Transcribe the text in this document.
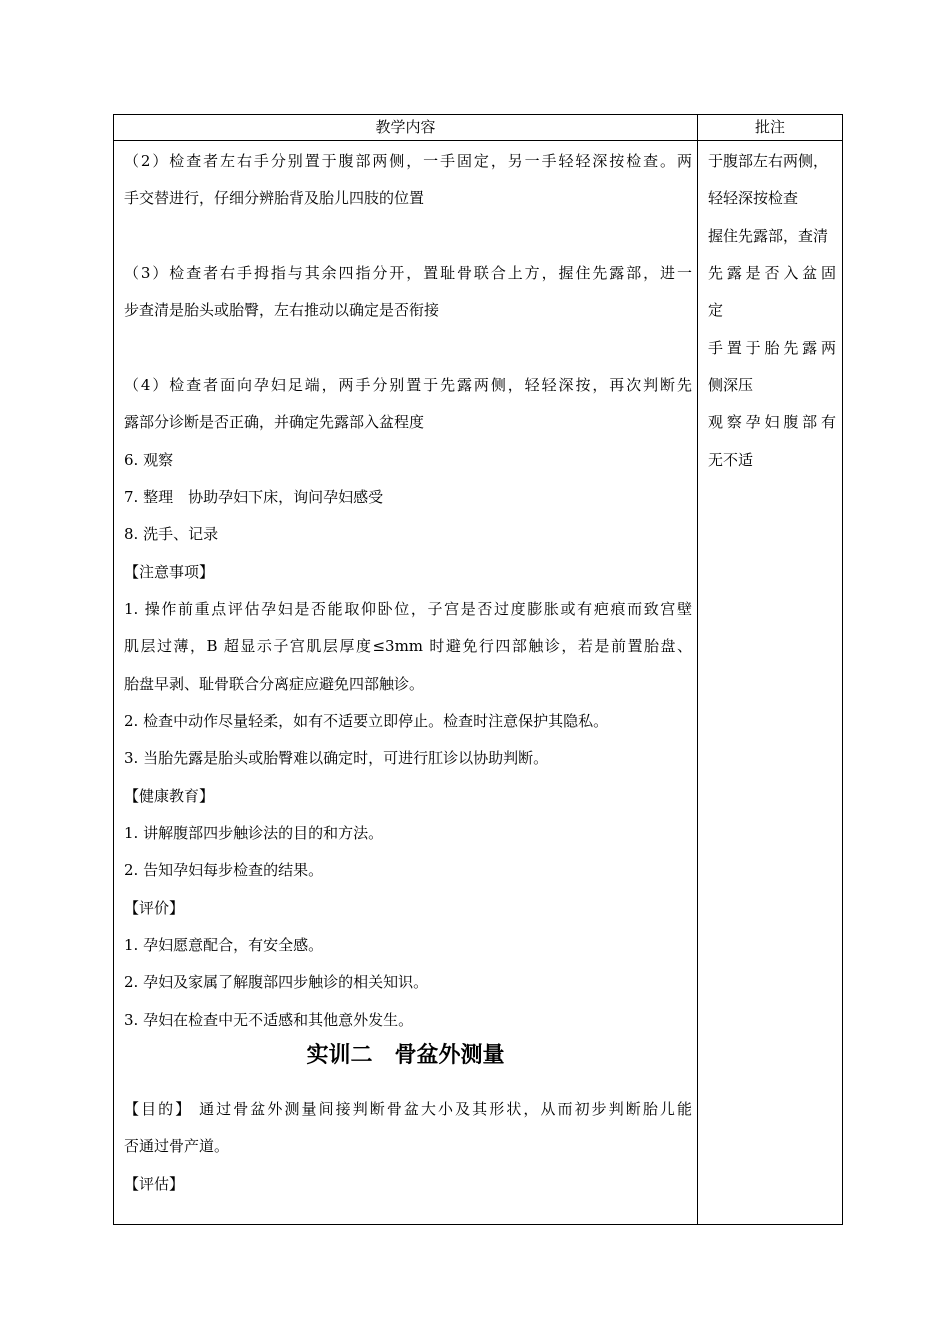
教学内容	批注
（2）检查者左右手分别置于腹部两侧，一手固定，另一手轻轻深按检查。两
手交替进行，仔细分辨胎背及胎儿四肢的位置
（3）检查者右手拇指与其余四指分开，置耻骨联合上方，握住先露部，进一
步查清是胎头或胎臀，左右推动以确定是否衔接
（4）检查者面向孕妇足端，两手分别置于先露两侧，轻轻深按，再次判断先
露部分诊断是否正确，并确定先露部入盆程度
6. 观察
7. 整理　协助孕妇下床，询问孕妇感受
8. 洗手、记录
【注意事项】
1. 操作前重点评估孕妇是否能取仰卧位，子宫是否过度膨胀或有疤痕而致宫壁
肌层过薄，B 超显示子宫肌层厚度≤3mm 时避免行四部触诊，若是前置胎盘、
胎盘早剥、耻骨联合分离症应避免四部触诊。
2. 检查中动作尽量轻柔，如有不适要立即停止。检查时注意保护其隐私。
3. 当胎先露是胎头或胎臀难以确定时，可进行肛诊以协助判断。
【健康教育】
1. 讲解腹部四步触诊法的目的和方法。
2. 告知孕妇每步检查的结果。
【评价】
1. 孕妇愿意配合，有安全感。
2. 孕妇及家属了解腹部四步触诊的相关知识。
3. 孕妇在检查中无不适感和其他意外发生。
实训二　骨盆外测量
【目的】 通过骨盆外测量间接判断骨盆大小及其形状，从而初步判断胎儿能
否通过骨产道。
【评估】
于腹部左右两侧，
轻轻深按检查
握住先露部，查清
先露是否入盆固
定
手置于胎先露两
侧深压
观察孕妇腹部有
无不适
